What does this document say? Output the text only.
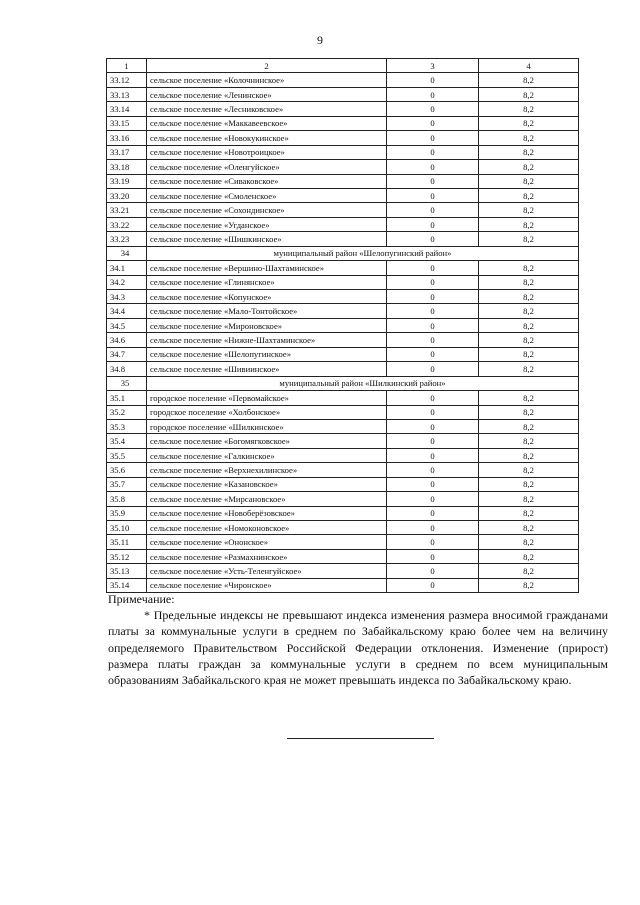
9
1	2	3	4
33.12	сельское поселение «Колочнинское»	0	8,2
33.13	сельское поселение «Ленинское»	0	8,2
33.14	сельское поселение «Лесниковское»	0	8,2
33.15	сельское поселение «Маккавеевское»	0	8,2
33.16	сельское поселение «Новокукинское»	0	8,2
33.17	сельское поселение «Новотроицкое»	0	8,2
33.18	сельское поселение «Оленгуйское»	0	8,2
33.19	сельское поселение «Сиваковское»	0	8,2
33.20	сельское поселение «Смоленское»	0	8,2
33.21	сельское поселение «Сохондинское»	0	8,2
33.22	сельское поселение «Угданское»	0	8,2
33.23	сельское поселение «Шишкинское»	0	8,2
34	муниципальный район «Шелопугинский район»		
34.1	сельское поселение «Вершино-Шахтаминское»	0	8,2
34.2	сельское поселение «Глинянское»	0	8,2
34.3	сельское поселение «Копунское»	0	8,2
34.4	сельское поселение «Мало-Тонтойское»	0	8,2
34.5	сельское поселение «Мироновское»	0	8,2
34.6	сельское поселение «Нижне-Шахтаминское»	0	8,2
34.7	сельское поселение «Шелопугинское»	0	8,2
34.8	сельское поселение «Шивиинское»	0	8,2
35	муниципальный район «Шилкинский район»		
35.1	городское поселение «Первомайское»	0	8,2
35.2	городское поселение «Холбонское»	0	8,2
35.3	городское поселение «Шилкинское»	0	8,2
35.4	сельское поселение «Богомягковское»	0	8,2
35.5	сельское поселение «Галкинское»	0	8,2
35.6	сельское поселение «Верхнехилинское»	0	8,2
35.7	сельское поселение «Казановское»	0	8,2
35.8	сельское поселение «Мирсановское»	0	8,2
35.9	сельское поселение «Новоберёзовское»	0	8,2
35.10	сельское поселение «Номоконовское»	0	8,2
35.11	сельское поселение «Ононское»	0	8,2
35.12	сельское поселение «Размахнинское»	0	8,2
35.13	сельское поселение «Усть-Теленгуйское»	0	8,2
35.14	сельское поселение «Чиронское»	0	8,2
Примечание:
* Предельные индексы не превышают индекса изменения размера вносимой гражданами платы за коммунальные услуги в среднем по Забайкальскому краю более чем на величину определяемого Правительством Российской Федерации отклонения. Изменение (прирост) размера платы граждан за коммунальные услуги в среднем по всем муниципальным образованиям Забайкальского края не может превышать индекса по Забайкальскому краю.
